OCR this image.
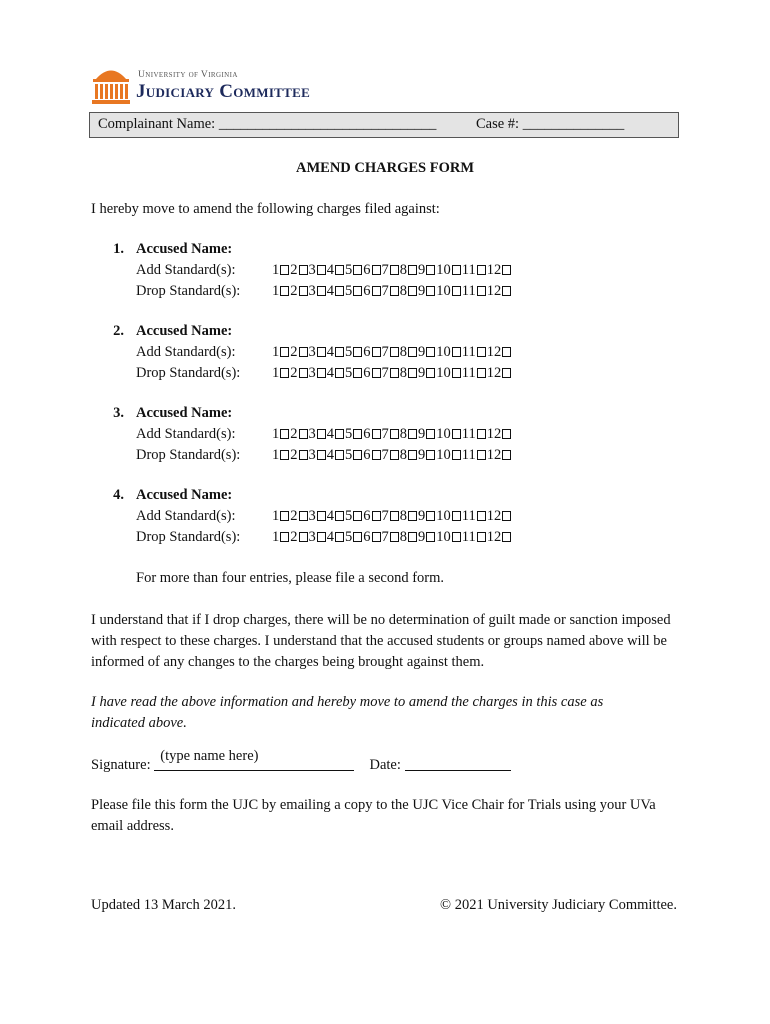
University of Virginia
Judiciary Committee
Complainant Name: ______________________________	Case #: ______________
AMEND CHARGES FORM
I hereby move to amend the following charges filed against:
1. Accused Name:
Add Standard(s):	1 2 3 4 5 6 7 8 9 10 11 12
Drop Standard(s): 1 2 3 4 5 6 7 8 9 10 11 12
2. Accused Name:
Add Standard(s):	1 2 3 4 5 6 7 8 9 10 11 12
Drop Standard(s): 1 2 3 4 5 6 7 8 9 10 11 12
3. Accused Name:
Add Standard(s):	1 2 3 4 5 6 7 8 9 10 11 12
Drop Standard(s): 1 2 3 4 5 6 7 8 9 10 11 12
4. Accused Name:
Add Standard(s):	1 2 3 4 5 6 7 8 9 10 11 12
Drop Standard(s): 1 2 3 4 5 6 7 8 9 10 11 12
For more than four entries, please file a second form.
I understand that if I drop charges, there will be no determination of guilt made or sanction imposed with respect to these charges. I understand that the accused students or groups named above will be informed of any changes to the charges being brought against them.
I have read the above information and hereby move to amend the charges in this case as indicated above.
Signature:
(type name here)
Date:
Please file this form the UJC by emailing a copy to the UJC Vice Chair for Trials using your UVa email address.
Updated 13 March 2021.	© 2021 University Judiciary Committee.
